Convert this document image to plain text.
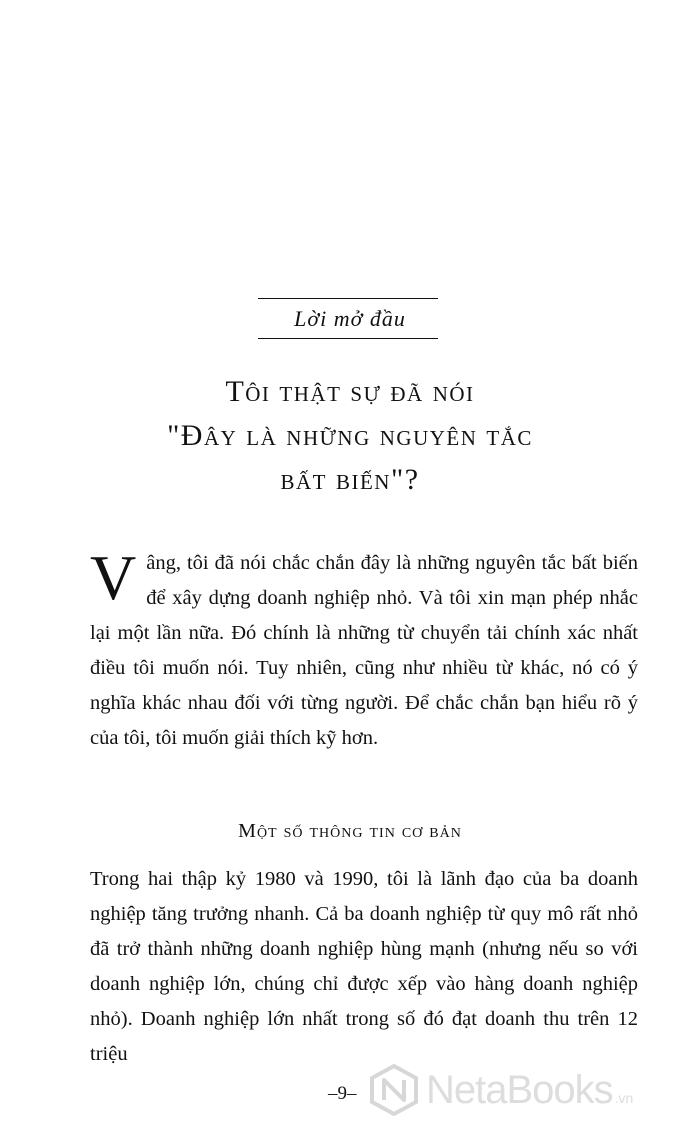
Lời mở đầu
Tôi thật sự đã nói
"Đây là những nguyên tắc
bất biến"?

V âng, tôi đã nói chắc chắn đây là những nguyên tắc bất biến để xây dựng doanh nghiệp nhỏ. Và tôi xin mạn phép nhắc lại một lần nữa. Đó chính là những từ chuyển tải chính xác nhất điều tôi muốn nói. Tuy nhiên, cũng như nhiều từ khác, nó có ý nghĩa khác nhau đối với từng người. Để chắc chắn bạn hiểu rõ ý của tôi, tôi muốn giải thích kỹ hơn.

Một số thông tin cơ bản

Trong hai thập kỷ 1980 và 1990, tôi là lãnh đạo của ba doanh nghiệp tăng trưởng nhanh. Cả ba doanh nghiệp từ quy mô rất nhỏ đã trở thành những doanh nghiệp hùng mạnh (nhưng nếu so với doanh nghiệp lớn, chúng chỉ được xếp vào hàng doanh nghiệp nhỏ). Doanh nghiệp lớn nhất trong số đó đạt doanh thu trên 12 triệu

–9– NetaBooks .vn
